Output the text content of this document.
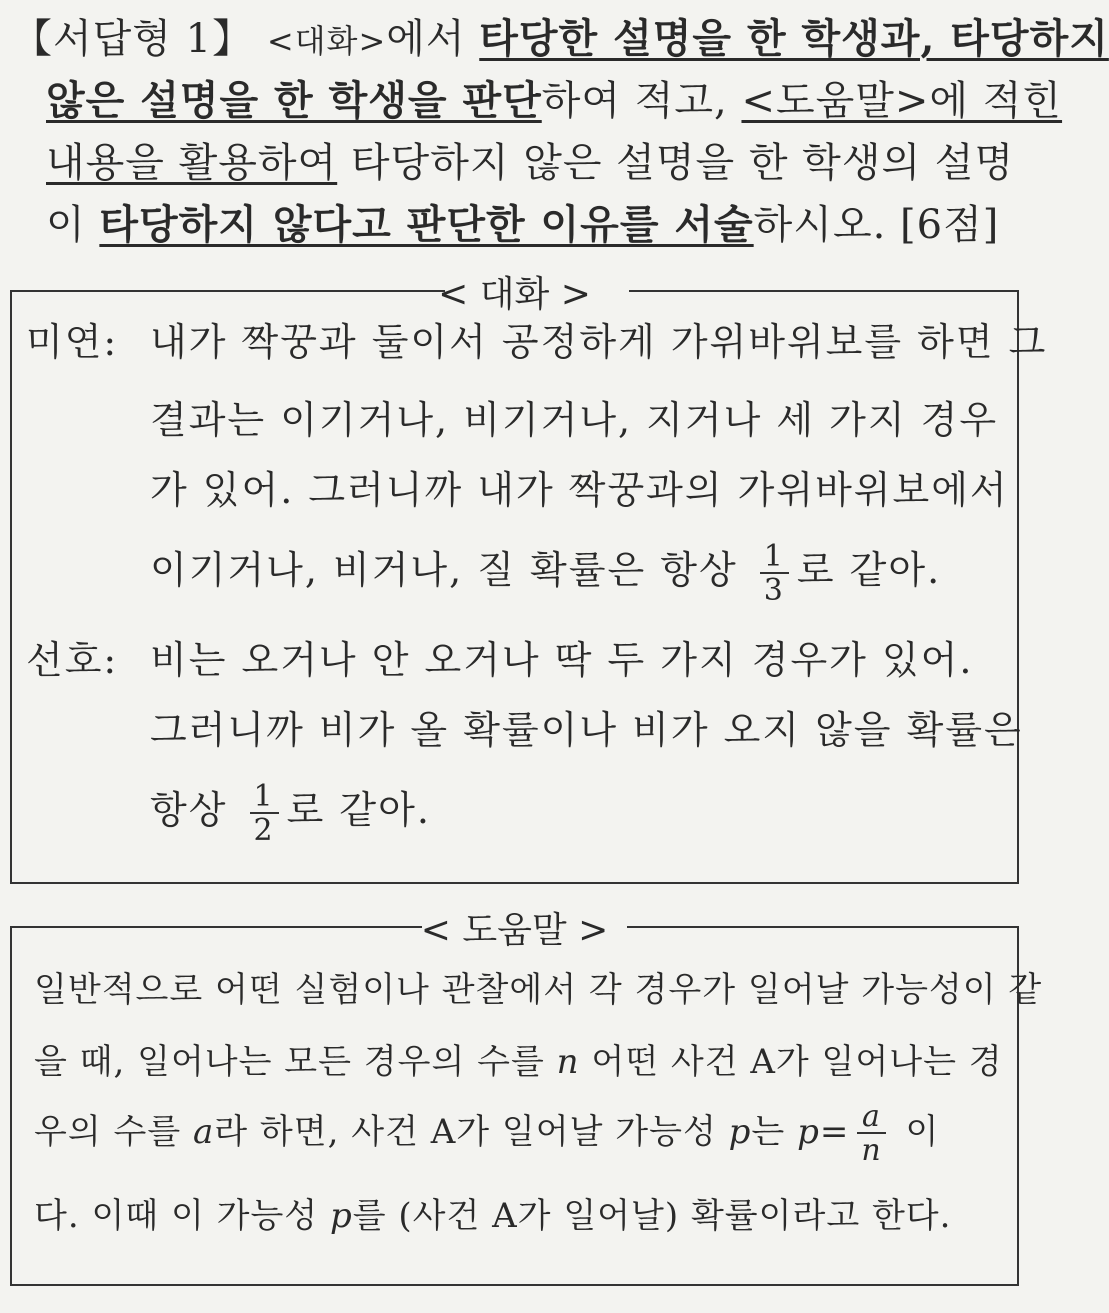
【서답형 1】 <대화>에서 타당한 설명을 한 학생과, 타당하지
않은 설명을 한 학생을 판단하여 적고, <도움말>에 적힌
내용을 활용하여 타당하지 않은 설명을 한 학생의 설명
이 타당하지 않다고 판단한 이유를 서술하시오. [6점]
< 대화 >
미연: 내가 짝꿍과 둘이서 공정하게 가위바위보를 하면 그
결과는 이기거나, 비기거나, 지거나 세 가지 경우
가 있어. 그러니까 내가 짝꿍과의 가위바위보에서
이기거나, 비거나, 질 확률은 항상 $\frac{1}{3}$ 로 같아.
선호: 비는 오거나 안 오거나 딱 두 가지 경우가 있어.
그러니까 비가 올 확률이나 비가 오지 않을 확률은
항상 $\frac{1}{2}$ 로 같아.
< 도움말 >
일반적으로 어떤 실험이나 관찰에서 각 경우가 일어날 가능성이 같
을 때, 일어나는 모든 경우의 수를 n 어떤 사건 A가 일어나는 경
우의 수를 a라 하면, 사건 A가 일어날 가능성 p는 $p= \frac{a}{n}$ 이
다. 이때 이 가능성 p를 (사건 A가 일어날) 확률이라고 한다.
